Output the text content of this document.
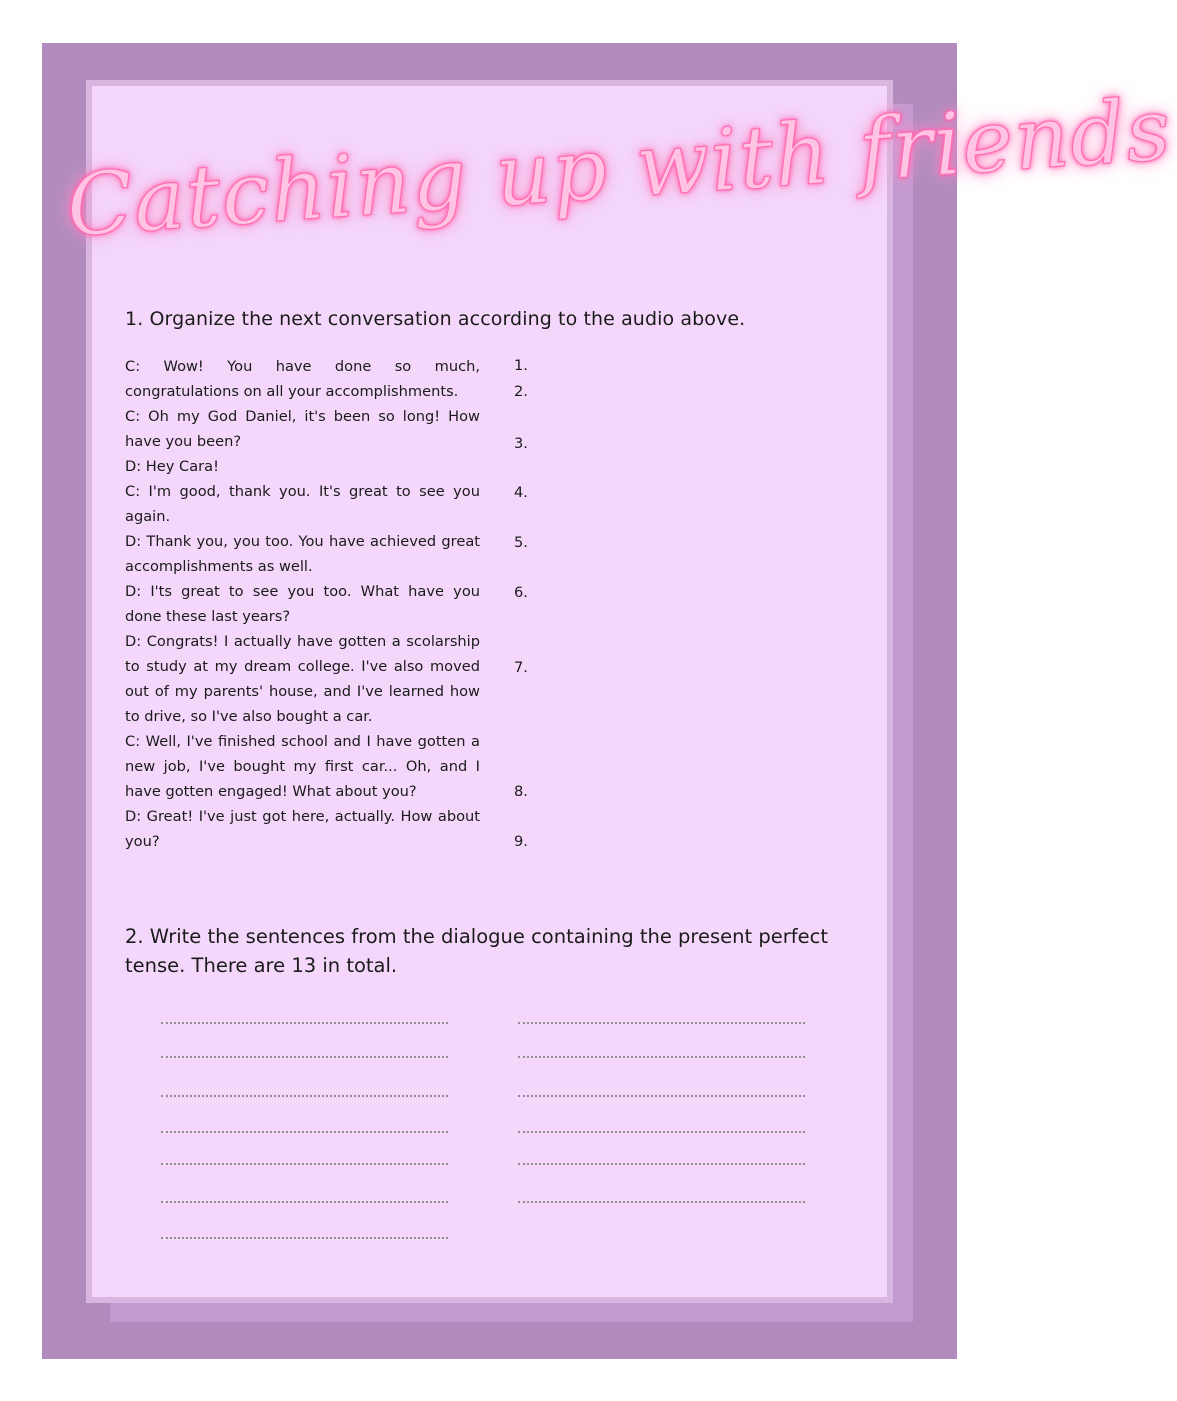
Catching up with friends
1. Organize the next conversation according to the audio above.

C: Wow! You have done so much, congratulations on all your accomplishments.

C: Oh my God Daniel, it's been so long! How have you been?

D: Hey Cara!

C: I'm good, thank you. It's great to see you again.

D: Thank you, you too. You have achieved great accomplishments as well.

D: I'ts great to see you too. What have you done these last years?

D: Congrats! I actually have gotten a scolarship to study at my dream college. I've also moved out of my parents' house, and I've learned how to drive, so I've also bought a car.

C: Well, I've finished school and I have gotten a new job, I've bought my first car... Oh, and I have gotten engaged! What about you?

D: Great! I've just got here, actually. How about you?

1.
2.
3.
4.
5.
6.
7.
8.
9.
2. Write the sentences from the dialogue containing the present perfect tense. There are 13 in total.
